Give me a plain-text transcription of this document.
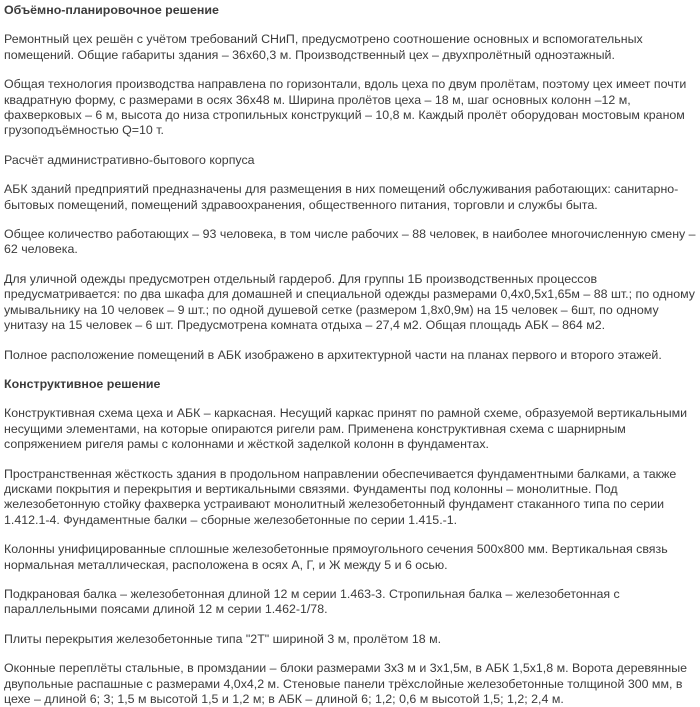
Объёмно-планировочное решение
Ремонтный цех решён с учётом требований СНиП, предусмотрено соотношение основных и вспомогательных помещений. Общие габариты здания – 36х60,3 м. Производственный цех – двухпролётный одноэтажный.
Общая технология производства направлена по горизонтали, вдоль цеха по двум пролётам, поэтому цех имеет почти квадратную форму, с размерами в осях 36х48 м. Ширина пролётов цеха – 18 м, шаг основных колонн –12 м, фахверковых – 6 м, высота до низа стропильных конструкций – 10,8 м. Каждый пролёт оборудован мостовым краном грузоподъёмностью Q=10 т.
Расчёт административно-бытового корпуса
АБК зданий предприятий предназначены для размещения в них помещений обслуживания работающих: санитарно-бытовых помещений, помещений здравоохранения, общественного питания, торговли и службы быта.
Общее количество работающих – 93 человека, в том числе рабочих – 88 человек, в наиболее многочисленную смену – 62 человека.
Для уличной одежды предусмотрен отдельный гардероб. Для группы 1Б производственных процессов предусматривается: по два шкафа для домашней и специальной одежды размерами 0,4х0,5х1,65м – 88 шт.; по одному умывальнику на 10 человек – 9 шт.; по одной душевой сетке (размером 1,8х0,9м) на 15 человек – 6шт, по одному унитазу на 15 человек – 6 шт. Предусмотрена комната отдыха – 27,4 м2. Общая площадь АБК – 864 м2.
Полное расположение помещений в АБК изображено в архитектурной части на планах первого и второго этажей.
Конструктивное решение
Конструктивная схема цеха и АБК – каркасная. Несущий каркас принят по рамной схеме, образуемой вертикальными несущими элементами, на которые опираются ригели рам. Применена конструктивная схема с шарнирным сопряжением ригеля рамы с колоннами и жёсткой заделкой колонн в фундаментах.
Пространственная жёсткость здания в продольном направлении обеспечивается фундаментными балками, а также дисками покрытия и перекрытия и вертикальными связями. Фундаменты под колонны – монолитные. Под железобетонную стойку фахверка устраивают монолитный железобетонный фундамент стаканного типа по серии 1.412.1-4. Фундаментные балки – сборные железобетонные по серии 1.415.-1.
Колонны унифицированные сплошные железобетонные прямоугольного сечения 500х800 мм. Вертикальная связь нормальная металлическая, расположена в осях А, Г, и Ж между 5 и 6 осью.
Подкрановая балка – железобетонная длиной 12 м серии 1.463-3. Стропильная балка – железобетонная с параллельными поясами длиной 12 м серии 1.462-1/78.
Плиты перекрытия железобетонные типа "2Т" шириной 3 м, пролётом 18 м.
Оконные переплёты стальные, в промздании – блоки размерами 3х3 м и 3х1,5м, в АБК 1,5х1,8 м. Ворота деревянные двупольные распашные с размерами 4,0х4,2 м. Стеновые панели трёхслойные железобетонные толщиной 300 мм, в цехе – длиной 6; 3; 1,5 м высотой 1,5 и 1,2 м; в АБК – длиной 6; 1,2; 0,6 м высотой 1,5; 1,2; 2,4 м.
